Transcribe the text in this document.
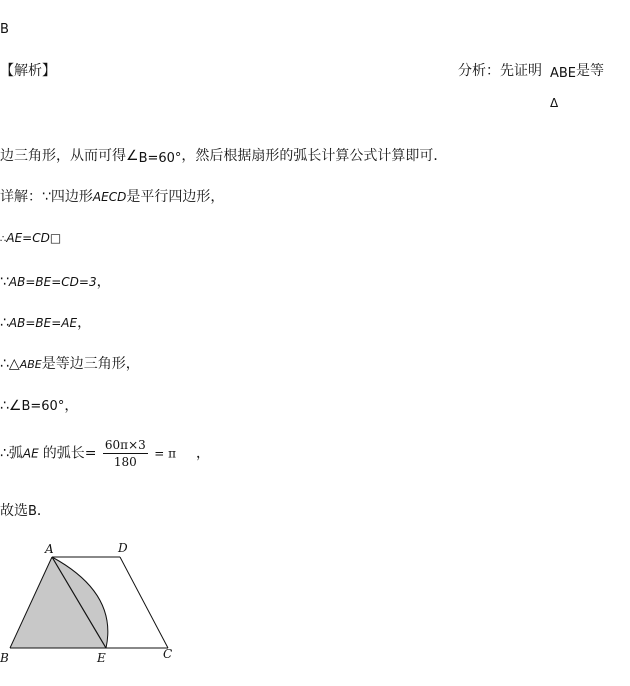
B
【解析】	分析：先证明 ABE是等
Δ
边三角形，从而可得∠B=60°，然后根据扇形的弧长计算公式计算即可．
详解：∵四边形AECD是平行四边形，
∴AE=CD□
∵AB=BE=CD=3，
∴AB=BE=AE，
∴△ABE是等边三角形，
∴∠B=60°，
∴弧AE 的弧长= $\frac{60\pi\times 3}{180} = \pi$ ，
故选B．
A	D
B	E	C
